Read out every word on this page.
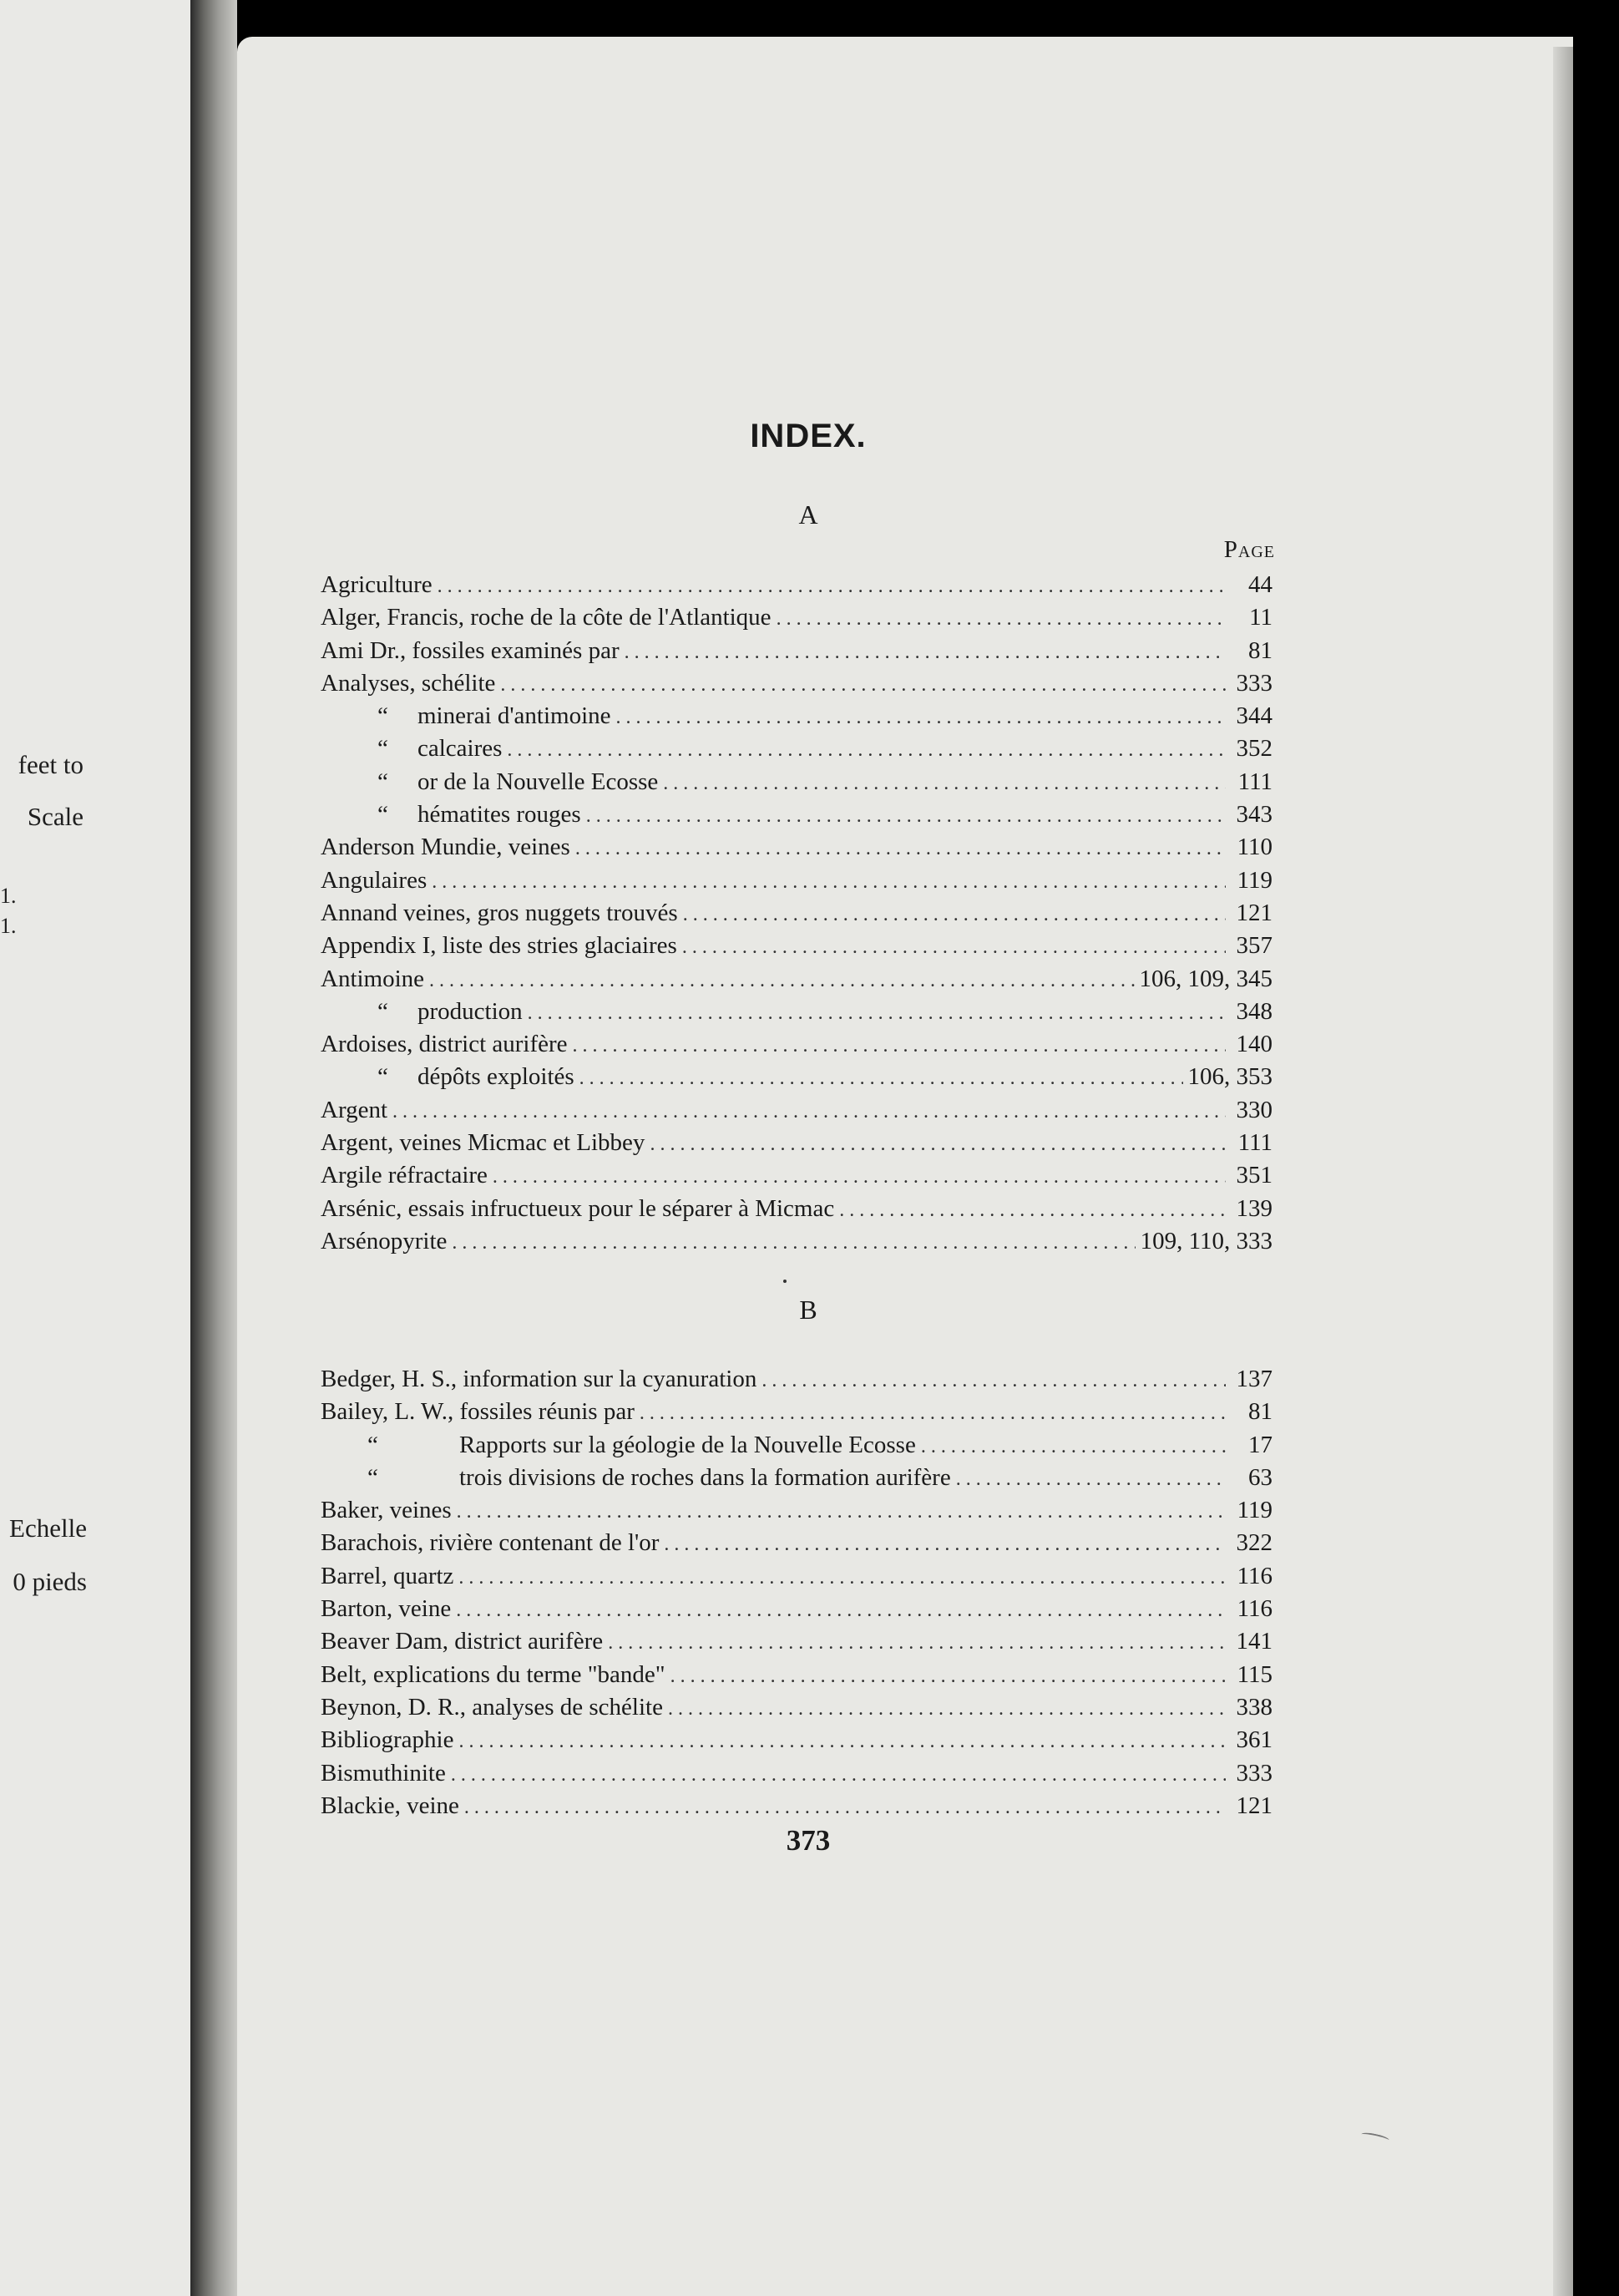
feet to
Scale
1.
1.
Echelle
0 pieds
INDEX.
A
Page
Agriculture . . .	44
Alger, Francis, roche de la côte de l'Atlantique . . .	11
Ami Dr., fossiles examinés par . . .	81
Analyses, schélite . . .	333
“	minerai d'antimoine . . .	344
“	calcaires . . .	352
“	or de la Nouvelle Ecosse . . .	111
“	hématites rouges . . .	343
Anderson Mundie, veines . . .	110
Angulaires . . .	119
Annand veines, gros nuggets trouvés . . .	121
Appendix I, liste des stries glaciaires . . .	357
Antimoine . . .	106, 109, 345
“	production . . .	348
Ardoises, district aurifère . . .	140
“	dépôts exploités . . .	106, 353
Argent . . .	330
Argent, veines Micmac et Libbey . . .	111
Argile réfractaire . . .	351
Arsénic, essais infructueux pour le séparer à Micmac . . .	139
Arsénopyrite . . .	109, 110, 333
B
Bedger, H. S., information sur la cyanuration . . .	137
Bailey, L. W., fossiles réunis par . . .	81
“	Rapports sur la géologie de la Nouvelle Ecosse . . .	17
“	trois divisions de roches dans la formation aurifère . . .	63
Baker, veines . . .	119
Barachois, rivière contenant de l'or . . .	322
Barrel, quartz . . .	116
Barton, veine . . .	116
Beaver Dam, district aurifère . . .	141
Belt, explications du terme "bande" . . .	115
Beynon, D. R., analyses de schélite . . .	338
Bibliographie . . .	361
Bismuthinite . . .	333
Blackie, veine . . .	121
373
